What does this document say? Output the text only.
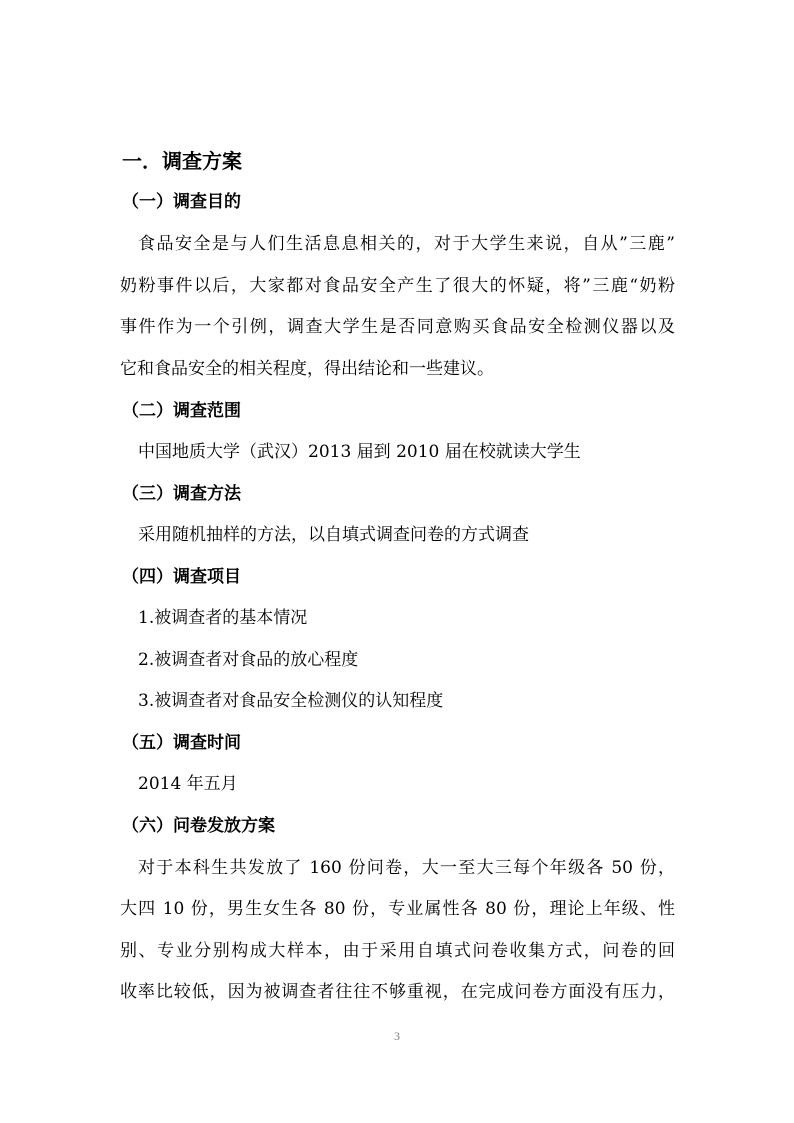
一．调查方案
（一）调查目的
食品安全是与人们生活息息相关的，对于大学生来说，自从”三鹿”
奶粉事件以后，大家都对食品安全产生了很大的怀疑，将”三鹿“奶粉
事件作为一个引例，调查大学生是否同意购买食品安全检测仪器以及
它和食品安全的相关程度，得出结论和一些建议。
（二）调查范围
中国地质大学（武汉）2013 届到 2010 届在校就读大学生
（三）调查方法
采用随机抽样的方法，以自填式调查问卷的方式调查
（四）调查项目
1.被调查者的基本情况
2.被调查者对食品的放心程度
3.被调查者对食品安全检测仪的认知程度
（五）调查时间
2014 年五月
（六）问卷发放方案
对于本科生共发放了 160 份问卷，大一至大三每个年级各 50 份，
大四 10 份，男生女生各 80 份，专业属性各 80 份，理论上年级、性
别、专业分别构成大样本，由于采用自填式问卷收集方式，问卷的回
收率比较低，因为被调查者往往不够重视，在完成问卷方面没有压力，
3
